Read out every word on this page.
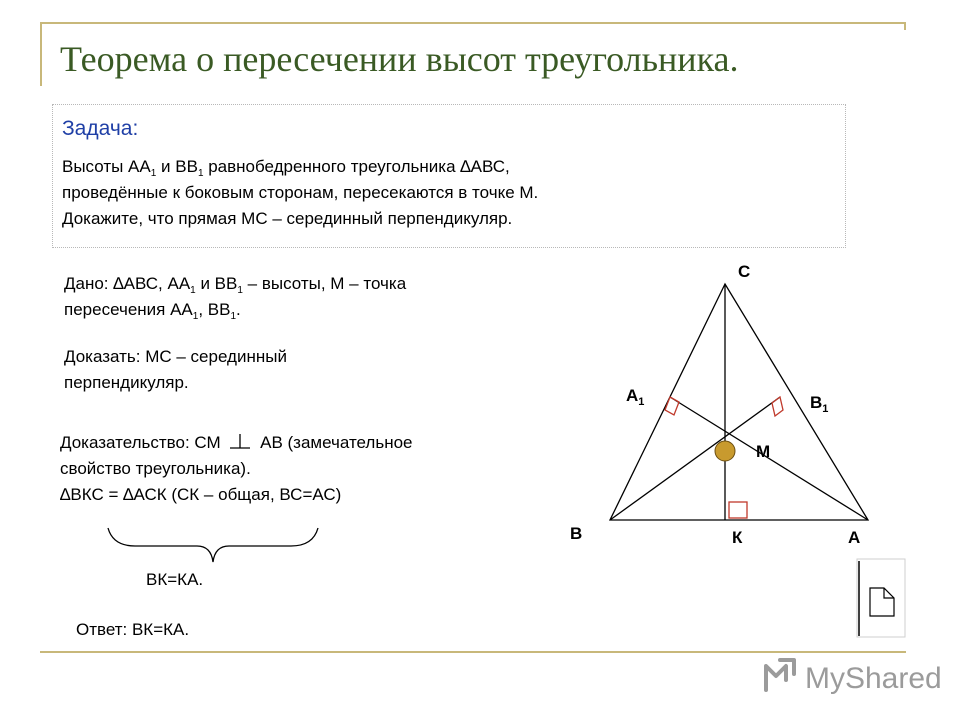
Теорема о пересечении высот треугольника.
Задача:
Высоты $АА_1$ и $ВВ_1$ равнобедренного треугольника ∆АВС,
проведённые к боковым сторонам, пересекаются в точке М.
Докажите, что прямая МС – серединный перпендикуляр.
Дано: ∆АВС, $АА_1$ и $ВВ_1$ – высоты, М – точка
пересечения $АА_1$, $ВВ_1$.
Доказать: МС – серединный
перпендикуляр.
Доказательство: СМ АВ (замечательное
свойство треугольника).
∆ВКС = ∆АСК (СК – общая, ВС=АС)
ВК=КА.
Ответ: ВК=КА.
С
$А_1$	$В_1$
М
В	К	А
MyShared
